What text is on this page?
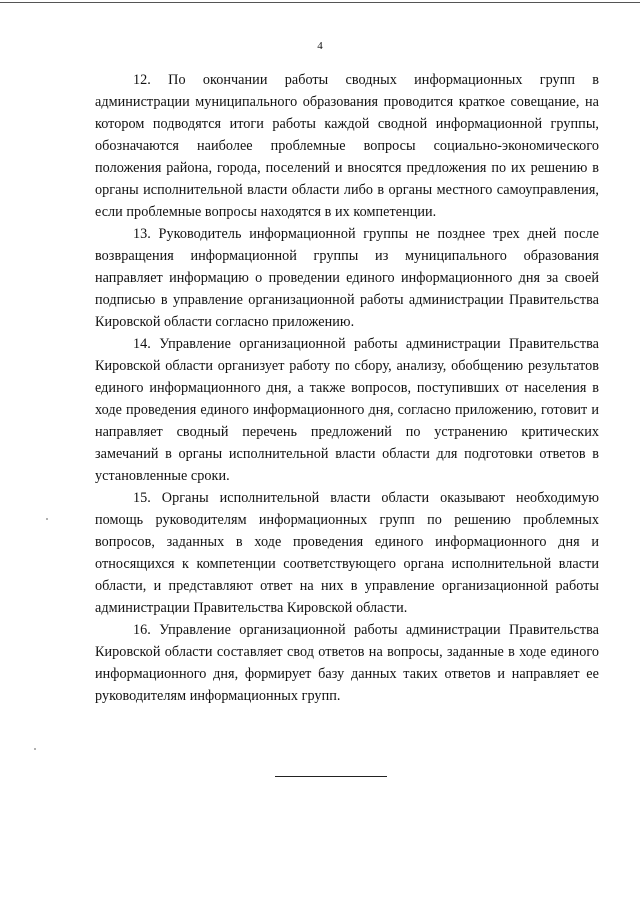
4

12. По окончании работы сводных информационных групп в администрации муниципального образования проводится краткое совещание, на котором подводятся итоги работы каждой сводной информационной группы, обозначаются наиболее проблемные вопросы социально-экономического положения района, города, поселений и вносятся предложения по их решению в органы исполнительной власти области либо в органы местного самоуправления, если проблемные вопросы находятся в их компетенции.

13. Руководитель информационной группы не позднее трех дней после возвращения информационной группы из муниципального образования направляет информацию о проведении единого информационного дня за своей подписью в управление организационной работы администрации Правительства Кировской области согласно приложению.

14. Управление организационной работы администрации Правительства Кировской области организует работу по сбору, анализу, обобщению результатов единого информационного дня, а также вопросов, поступивших от населения в ходе проведения единого информационного дня, согласно приложению, готовит и направляет сводный перечень предложений по устранению критических замечаний в органы исполнительной власти области для подготовки ответов в установленные сроки.

15. Органы исполнительной власти области оказывают необходимую помощь руководителям информационных групп по решению проблемных вопросов, заданных в ходе проведения единого информационного дня и относящихся к компетенции соответствующего органа исполнительной власти области, и представляют ответ на них в управление организационной работы администрации Правительства Кировской области.

16. Управление организационной работы администрации Правительства Кировской области составляет свод ответов на вопросы, заданные в ходе единого информационного дня, формирует базу данных таких ответов и направляет ее руководителям информационных групп.
